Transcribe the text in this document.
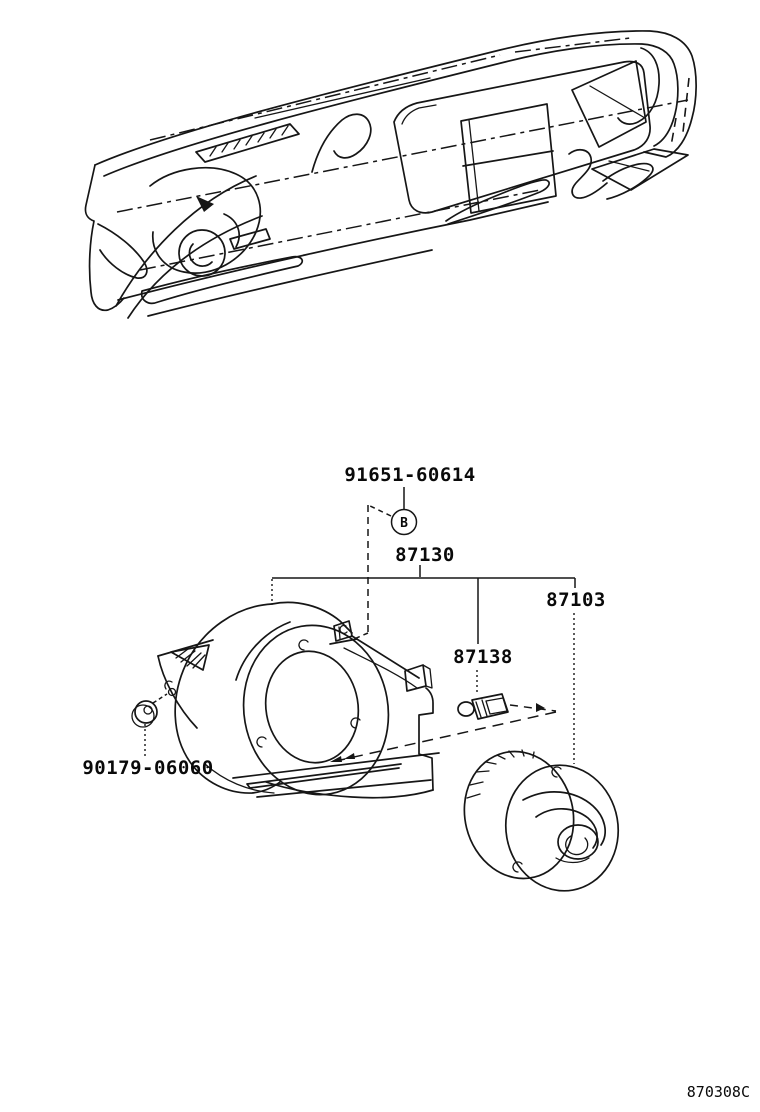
91651-60614
B
87130
87103
87138
90179-06060
870308C
